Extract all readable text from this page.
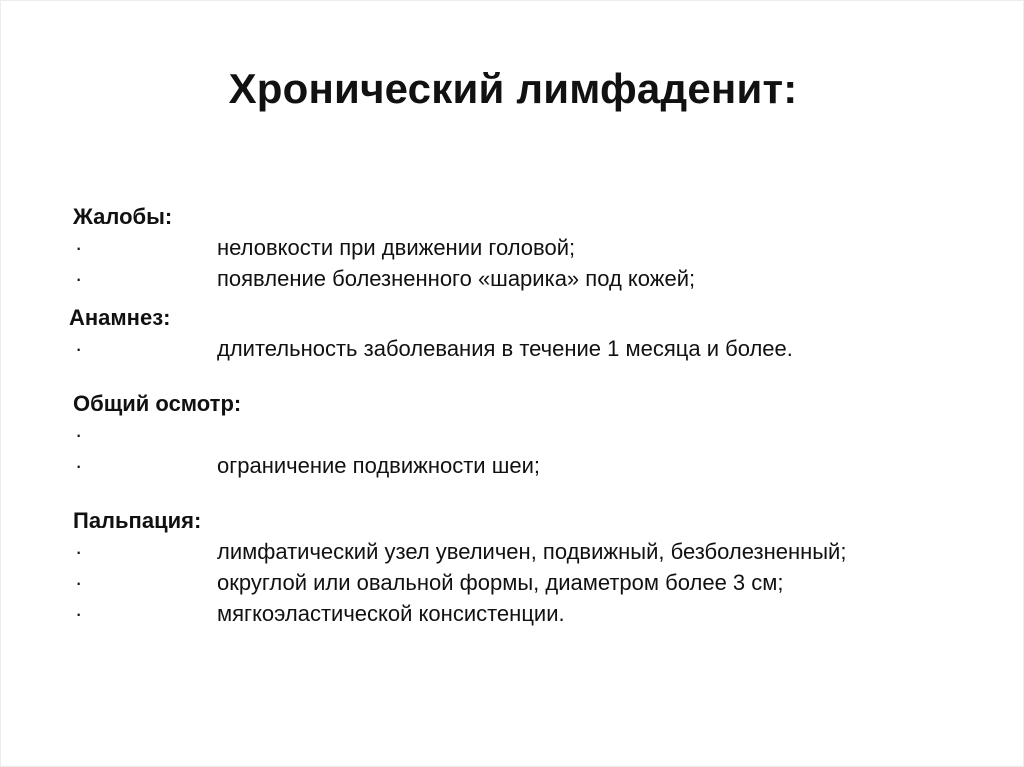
Хронический лимфаденит:
Жалобы:
·	неловкости при движении головой;
·	появление болезненного «шарика» под кожей;
Анамнез:
·	длительность заболевания в течение 1 месяца и более.
Общий осмотр:
·
·	ограничение подвижности шеи;
Пальпация:
·	лимфатический узел увеличен, подвижный, безболезненный;
·	округлой или овальной формы, диаметром более 3 см;
·	мягкоэластической консистенции.
